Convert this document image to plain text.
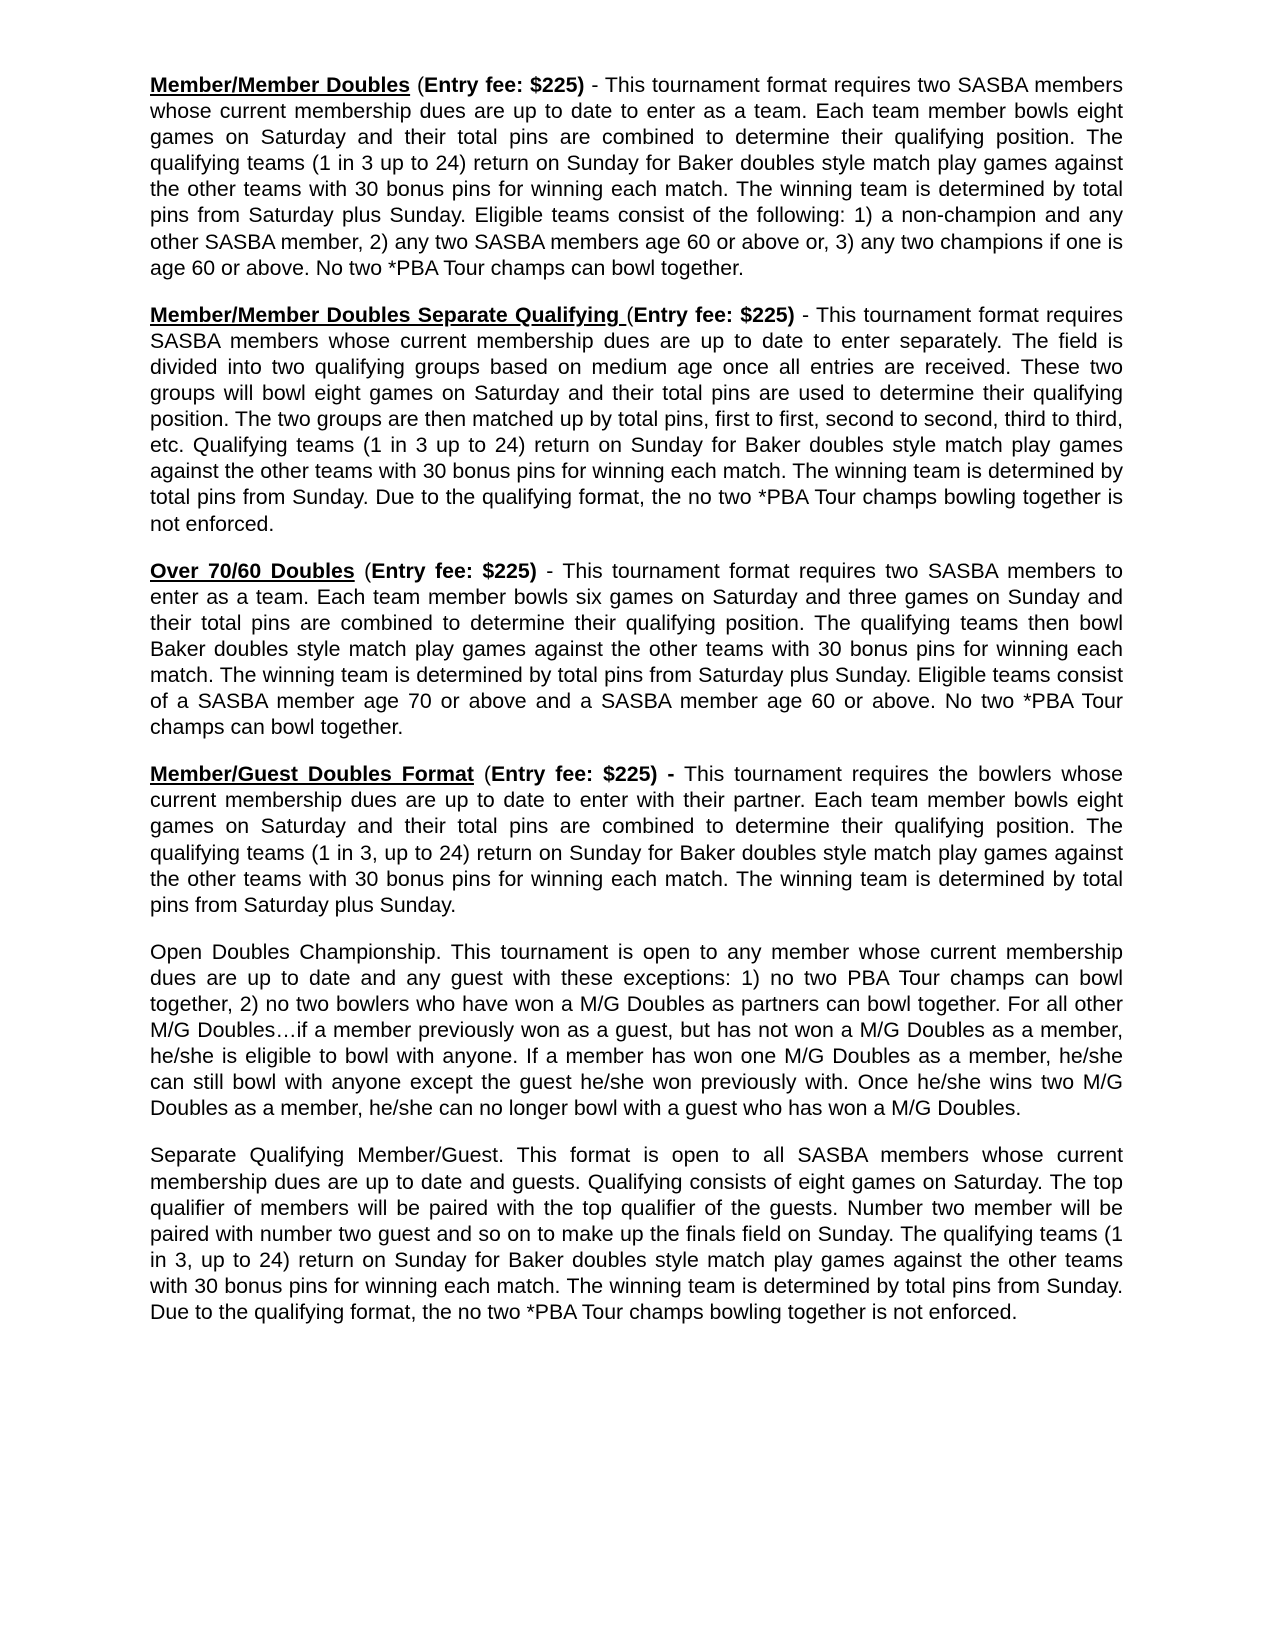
Member/Member Doubles (Entry fee: $225) - This tournament format requires two SASBA members whose current membership dues are up to date to enter as a team. Each team member bowls eight games on Saturday and their total pins are combined to determine their qualifying position. The qualifying teams (1 in 3 up to 24) return on Sunday for Baker doubles style match play games against the other teams with 30 bonus pins for winning each match. The winning team is determined by total pins from Saturday plus Sunday. Eligible teams consist of the following: 1) a non-champion and any other SASBA member, 2) any two SASBA members age 60 or above or, 3) any two champions if one is age 60 or above. No two *PBA Tour champs can bowl together.

Member/Member Doubles Separate Qualifying (Entry fee: $225) - This tournament format requires SASBA members whose current membership dues are up to date to enter separately. The field is divided into two qualifying groups based on medium age once all entries are received. These two groups will bowl eight games on Saturday and their total pins are used to determine their qualifying position. The two groups are then matched up by total pins, first to first, second to second, third to third, etc. Qualifying teams (1 in 3 up to 24) return on Sunday for Baker doubles style match play games against the other teams with 30 bonus pins for winning each match. The winning team is determined by total pins from Sunday. Due to the qualifying format, the no two *PBA Tour champs bowling together is not enforced.

Over 70/60 Doubles (Entry fee: $225) - This tournament format requires two SASBA members to enter as a team. Each team member bowls six games on Saturday and three games on Sunday and their total pins are combined to determine their qualifying position. The qualifying teams then bowl Baker doubles style match play games against the other teams with 30 bonus pins for winning each match. The winning team is determined by total pins from Saturday plus Sunday. Eligible teams consist of a SASBA member age 70 or above and a SASBA member age 60 or above. No two *PBA Tour champs can bowl together.

Member/Guest Doubles Format (Entry fee: $225) - This tournament requires the bowlers whose current membership dues are up to date to enter with their partner. Each team member bowls eight games on Saturday and their total pins are combined to determine their qualifying position. The qualifying teams (1 in 3, up to 24) return on Sunday for Baker doubles style match play games against the other teams with 30 bonus pins for winning each match. The winning team is determined by total pins from Saturday plus Sunday.

Open Doubles Championship. This tournament is open to any member whose current membership dues are up to date and any guest with these exceptions: 1) no two PBA Tour champs can bowl together, 2) no two bowlers who have won a M/G Doubles as partners can bowl together. For all other M/G Doubles…if a member previously won as a guest, but has not won a M/G Doubles as a member, he/she is eligible to bowl with anyone. If a member has won one M/G Doubles as a member, he/she can still bowl with anyone except the guest he/she won previously with. Once he/she wins two M/G Doubles as a member, he/she can no longer bowl with a guest who has won a M/G Doubles.

Separate Qualifying Member/Guest. This format is open to all SASBA members whose current membership dues are up to date and guests. Qualifying consists of eight games on Saturday. The top qualifier of members will be paired with the top qualifier of the guests. Number two member will be paired with number two guest and so on to make up the finals field on Sunday. The qualifying teams (1 in 3, up to 24) return on Sunday for Baker doubles style match play games against the other teams with 30 bonus pins for winning each match. The winning team is determined by total pins from Sunday. Due to the qualifying format, the no two *PBA Tour champs bowling together is not enforced.
